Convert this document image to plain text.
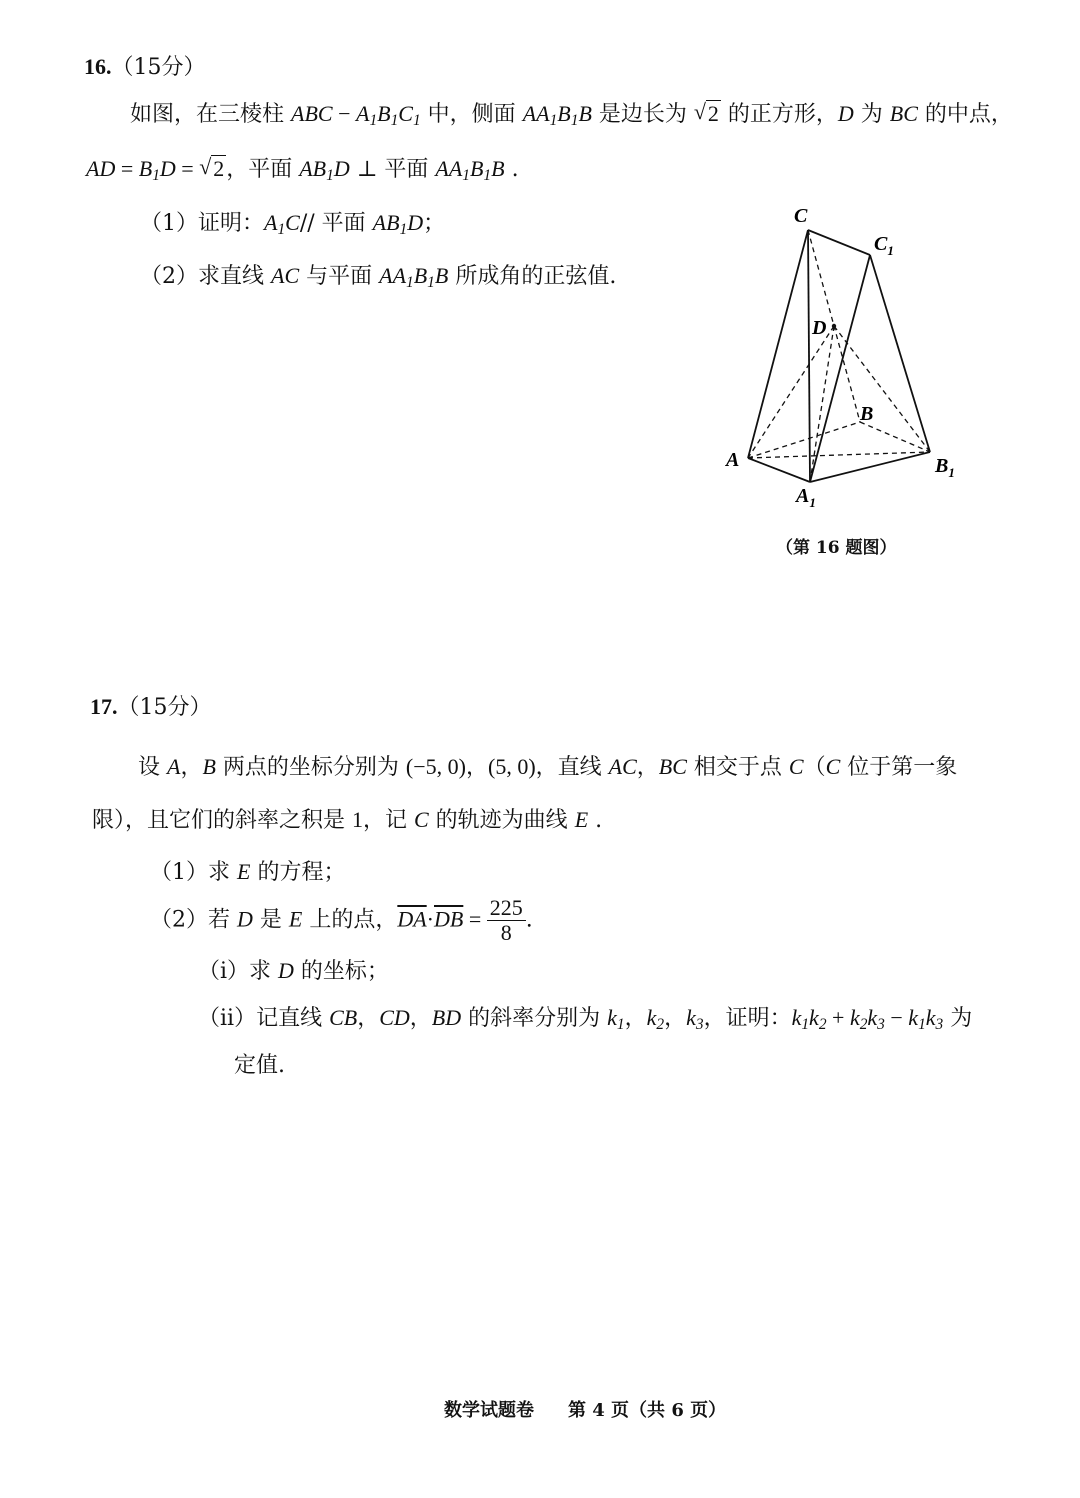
16.（15分）
如图，在三棱柱 ABC − $A_1B_1C_1$ 中，侧面 $AA_1B_1B$ 是边长为 √ 2 的正方形，D 为 BC 的中点，
AD = $B_1D$ = √ 2，平面 $AB_1D$ ⊥ 平面 $AA_1B_1B$ .
（1）证明：$A_1C//$ 平面 $AB_1D$；
（2）求直线 AC 与平面 $AA_1B_1B$ 所成角的正弦值.
C
$C_1$
D
B
A
$A_1$
$B_1$
（第 16 题图）
17.（15分）
设 A，B 两点的坐标分别为 (−5, 0)，(5, 0)，直线 AC，BC 相交于点 C（C 位于第一象
限），且它们的斜率之积是 1，记 C 的轨迹为曲线 E .
（1）求 E 的方程；
（2）若 D 是 E 上的点，$\overline{DA}\cdot\overline{DB} = \frac{225}{8}$ .
（i）求 D 的坐标；
（ii）记直线 CB，CD，BD 的斜率分别为 $k_1$，$k_2$，$k_3$，证明：$k_1k_2 + k_2k_3 - k_1k_3$ 为
定值.
数学试题卷 第 4 页（共 6 页）
